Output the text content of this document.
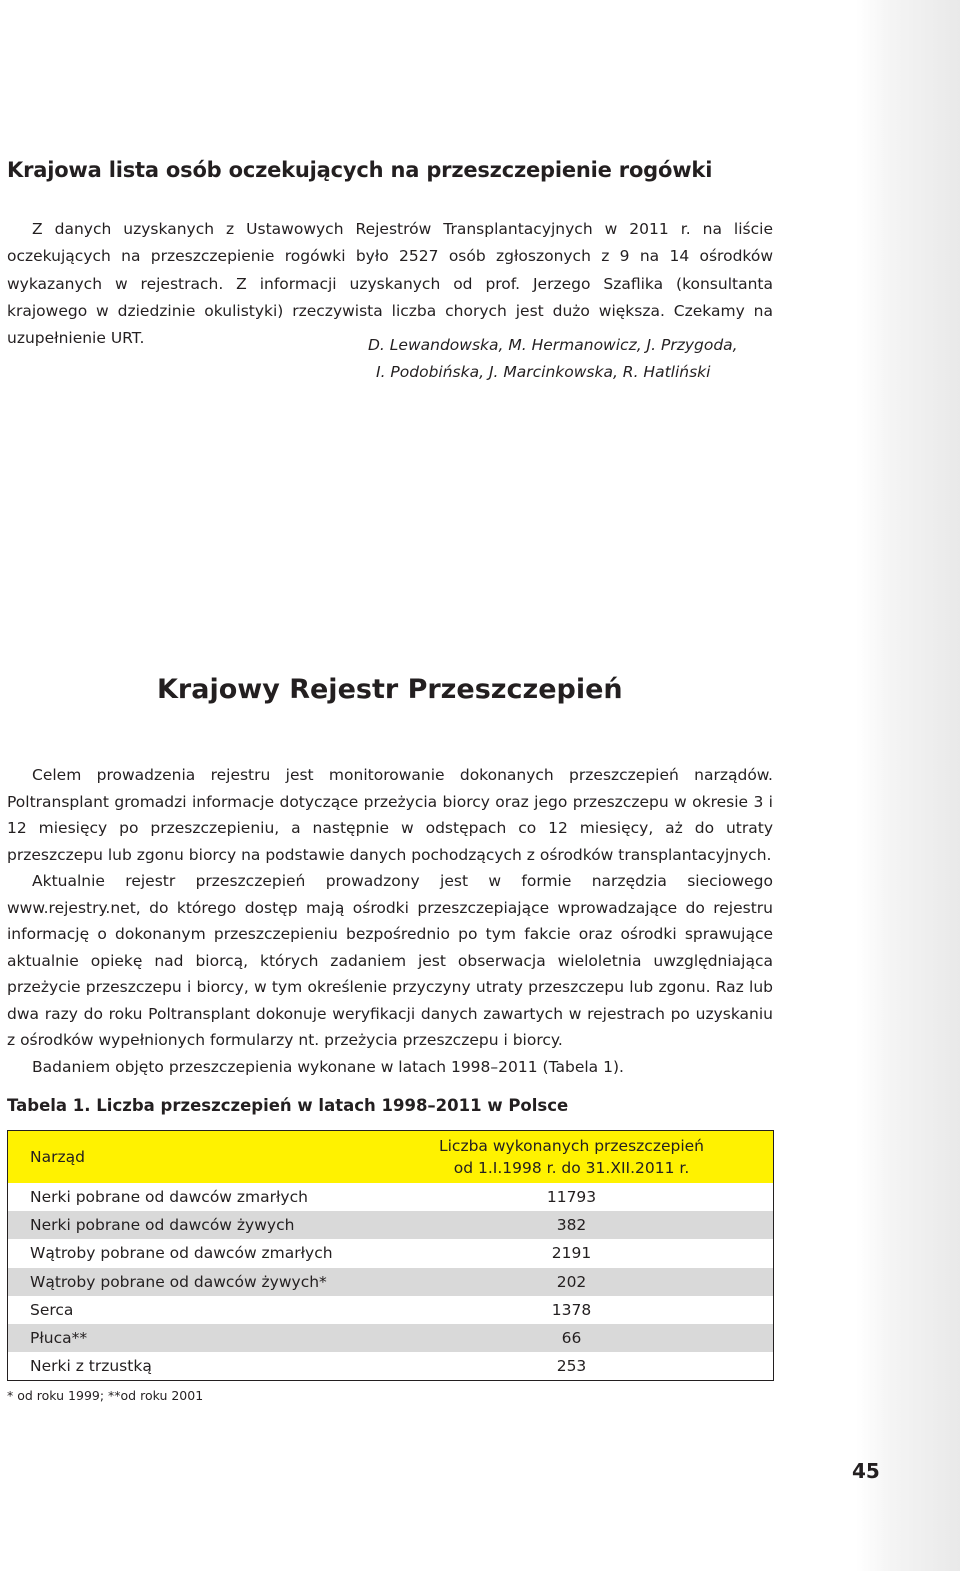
Krajowa lista osób oczekujących na przeszczepienie rogówki

Z danych uzyskanych z Ustawowych Rejestrów Transplantacyjnych w 2011 r. na liście oczekujących na przeszczepienie rogówki było 2527 osób zgłoszonych z 9 na 14 ośrodków wykazanych w rejestrach. Z informacji uzyskanych od prof. Jerzego Szaflika (konsultanta krajowego w dziedzinie okulistyki) rzeczywista liczba chorych jest dużo większa. Czekamy na uzupełnienie URT.	D. Lewandowska, M. Hermanowicz, J. Przygoda,
I. Podobińska, J. Marcinkowska, R. Hatliński
Krajowy Rejestr Przeszczepień

Celem prowadzenia rejestru jest monitorowanie dokonanych przeszczepień narządów. Poltransplant gromadzi informacje dotyczące przeżycia biorcy oraz jego przeszczepu w okresie 3 i 12 miesięcy po przeszczepieniu, a następnie w odstępach co 12 miesięcy, aż do utraty przeszczepu lub zgonu biorcy na podstawie danych pochodzących z ośrodków transplantacyjnych.

Aktualnie rejestr przeszczepień prowadzony jest w formie narzędzia sieciowego www.rejestry.net, do którego dostęp mają ośrodki przeszczepiające wprowadzające do rejestru informację o dokonanym przeszczepieniu bezpośrednio po tym fakcie oraz ośrodki sprawujące aktualnie opiekę nad biorcą, których zadaniem jest obserwacja wieloletnia uwzględniająca przeżycie przeszczepu i biorcy, w tym określenie przyczyny utraty przeszczepu lub zgonu. Raz lub dwa razy do roku Poltransplant dokonuje weryfikacji danych zawartych w rejestrach po uzyskaniu z ośrodków wypełnionych formularzy nt. przeżycia przeszczepu i biorcy.

Badaniem objęto przeszczepienia wykonane w latach 1998–2011 (Tabela 1).

Tabela 1. Liczba przeszczepień w latach 1998–2011 w Polsce
Narząd	Liczba wykonanych przeszczepień
od 1.I.1998 r. do 31.XII.2011 r.

Nerki pobrane od dawców zmarłych	11793
Nerki pobrane od dawców żywych	382
Wątroby pobrane od dawców zmarłych	2191
Wątroby pobrane od dawców żywych*	202
Serca	1378
Płuca**	66
Nerki z trzustką	253
* od roku 1999; **od roku 2001
45
